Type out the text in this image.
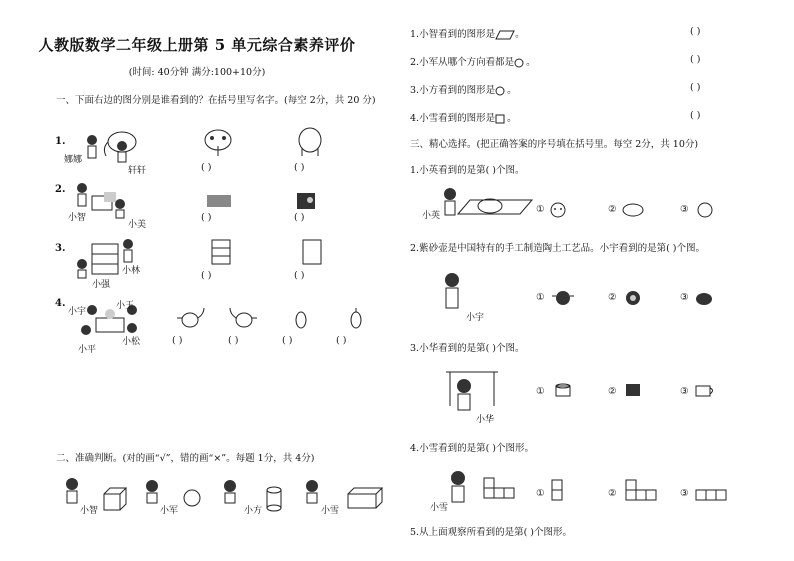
人教版数学二年级上册第 5 单元综合素养评价
(时间: 40分钟 满分:100+10分)
一、下面右边的图分别是谁看到的？在括号里写名字。(每空 2分，共 20 分)
1.
娜娜
轩轩	( )	( )
2.
小智
小美
( )	( )
3.
小林
小强
( )	( )
4.
小宇
小玉
小平
小松	( )	( )	( )	( )
二、准确判断。(对的画“√”，错的画“×”。每题 1分，共 4分)
小智	小军	小方	小雪
1.小智看到的图形是 。	( )
2.小军从哪个方向看都是 。	( )
3.小方看到的图形是 。	( )
4.小雪看到的图形是 。	( )
三、精心选择。(把正确答案的序号填在括号里。每空 2分，共 10分)
1.小英看到的是第( )个图。
小英
①	②	③
2.紫砂壶是中国特有的手工制造陶土工艺品。小宇看到的是第( )个图。
小宇
①	②	③
3.小华看到的是第( )个图。
小华
①	②	③
4.小雪看到的是第( )个图形。
小雪
①	②	③
5.从上面观察所看到的是第( )个图形。
